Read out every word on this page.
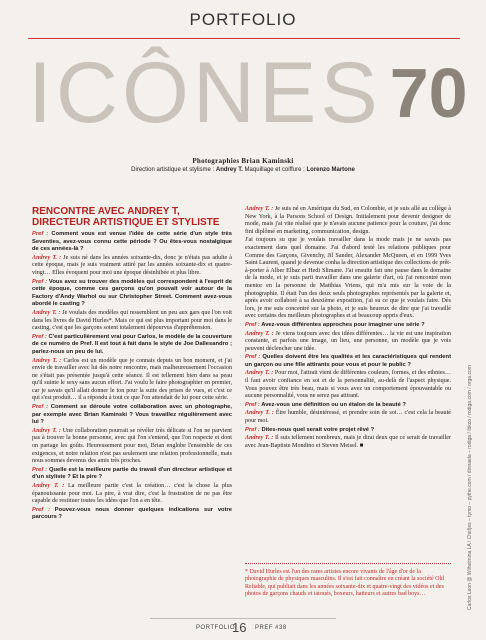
PORTFOLIO
ICÔNES 70
Photographies Brian Kaminski
Direction artistique et stylisme : Andrey T. Maquillage et coiffure : Lorenzo Martone
RENCONTRE AVEC ANDREY T,
DIRECTEUR ARTISTIQUE ET STYLISTE

Pref : Comment vous est venue l'idée de cette série d'un style très Seventies, avez-vous connu cette période ? Ou êtes-vous nostalgique de ces années-là ?

Andrey T. : Je suis né dans les années soixante-dix, donc je n'étais pas adulte à cette époque, mais je suis vraiment attiré par les années soixante-dix et quatre-vingt… Elles évoquent pour moi une époque désinhibée et plus libre.

Pref : Vous avez su trouver des modèles qui correspondent à l'esprit de cette époque, comme ces garçons qu'on pouvait voir autour de la Factory d'Andy Warhol ou sur Christopher Street. Comment avez-vous abordé le casting ?

Andrey T. : Je voulais des modèles qui ressemblent un peu aux gars que l'on voit dans les livres de David Hurles*. Mais ce qui est plus important pour moi dans le casting, c'est que les garçons soient totalement dépourvus d'appréhension.

Pref : C'est particulièrement vrai pour Carlos, le modèle de la couverture de ce numéro de Pref. Il est tout à fait dans le style de Joe Dallesandro ; parlez-nous un peu de lui.

Andrey T. : Carlos est un modèle que je connais depuis un bon moment, et j'ai envie de travailler avec lui dès notre rencontre, mais malheureusement l'occasion ne s'était pas présentée jusqu'à cette séance. Il est tellement bien dans sa peau qu'il suinte le sexy sans aucun effort. J'ai voulu le faire photographier en premier, car je savais qu'il allait donner le ton pour la suite des prises de vues, et c'est ce qui s'est produit… il a répondu à tout ce que l'on attendait de lui pour cette série.

Pref : Comment se déroule votre collaboration avec un photographe, par exemple avec Brian Kaminski ? Vous travaillez régulièrement avec lui ?

Andrey T. : Une collaboration pourrait se révéler très délicate si l'on ne parvient pas à trouver la bonne personne, avec qui l'on s'entend, que l'on respecte et dont on partage les goûts. Heureusement pour moi, Brian englobe l'ensemble de ces exigences, et notre relation n'est pas seulement une relation professionnelle, mais nous sommes devenus des amis très proches.

Pref : Quelle est la meilleure partie du travail d'un directeur artistique et d'un styliste ? Et la pire ?

Andrey T. : La meilleure partie c'est la création… c'est la chose la plus épanouissante pour moi. La pire, à vrai dire, c'est la frustration de ne pas être capable de restituer toutes les idées que l'on a en tête.

Pref : Pouvez-vous nous donner quelques indications sur votre parcours ?

Andrey T. : Je suis né en Amérique du Sud, en Colombie, et je suis allé au collège à New York, à la Parsons School of Design. Initialement pour devenir designer de mode, mais j'ai vite réalisé que je n'avais aucune patience pour la couture, j'ai donc fini diplômé en marketing, communication, design.

J'ai toujours su que je voulais travailler dans la mode mais je ne savais pas exactement dans quel domaine. J'ai d'abord testé les relations publiques pour Comme des Garçons, Givenchy, Jil Sander, Alexander McQueen, et en 1999 Yves Saint Laurent, quand je devenue conha la direction artistique des collections de prêt-à-porter à Alber Elbaz et Hedi Slimane. J'ai ensuite fait une pause dans le domaine de la mode, et je suis parti travailler dans une galerie d'art, où j'ai rencontré mon mentor en la personne de Matthias Vriens, qui m'a mis sur la voie de la photographie. Il était l'un des deux seuls photographes représentés par la galerie et, après avoir collaboré à sa deuxième exposition, j'ai su ce que je voulais faire. Dès lors, je me suis concentré sur la photo, et je suis heureux de dire que j'ai travaillé avec certains des meilleurs photographes et ai beaucoup appris d'eux.

Pref : Avez-vous différentes approches pour imaginer une série ?

Andrey T. : Je viens toujours avec des idées différentes… la vie est une inspiration constante, et parfois une image, un lieu, une personne, un modèle que je vois peuvent déclencher une idée.

Pref : Quelles doivent être les qualités et les caractéristiques qui rendent un garçon ou une fille attirants pour vous et pour le public ?

Andrey T. : Pour moi, l'attrait vient de différentes couleurs, formes, et des ethnies… il faut avoir confiance en soi et de la personnalité, au-delà de l'aspect physique. Vous pouvez être très beau, mais si vous avez un comportement épouvantable ou aucune personnalité, vous ne serez pas attirant.

Pref : Avez-vous une définition ou un étalon de la beauté ?

Andrey T. : Être humble, désintéressé, et prendre soin de soi… c'est cela la beauté pour moi.

Pref : Dites-nous quel serait votre projet rêvé ?

Andrey T. : Il suis tellement nombreux, mais je dirai deux que ce serait de travailler avec Jean-Baptiste Mondino et Steven Meisel. ■

* David Hurles est l'un des rares artistes encore vivants de l'âge d'or de la photographie de physiques masculins. Il s'est fait connaître en créant la société Old Reliable, qui publiait dans les années soixante-dix et quatre-vingt des vidéos et des photos de garçons chauds et tatoués, boxeurs, hatteurs et autres bad boys…	Carlos Leon @ Wilhelmina LA / Chefjes – tymo – pythe.com / dinnaela – rodiga / lbkco / rodiga.com / orga.com
PORTFOLIO
16 PREF #38
